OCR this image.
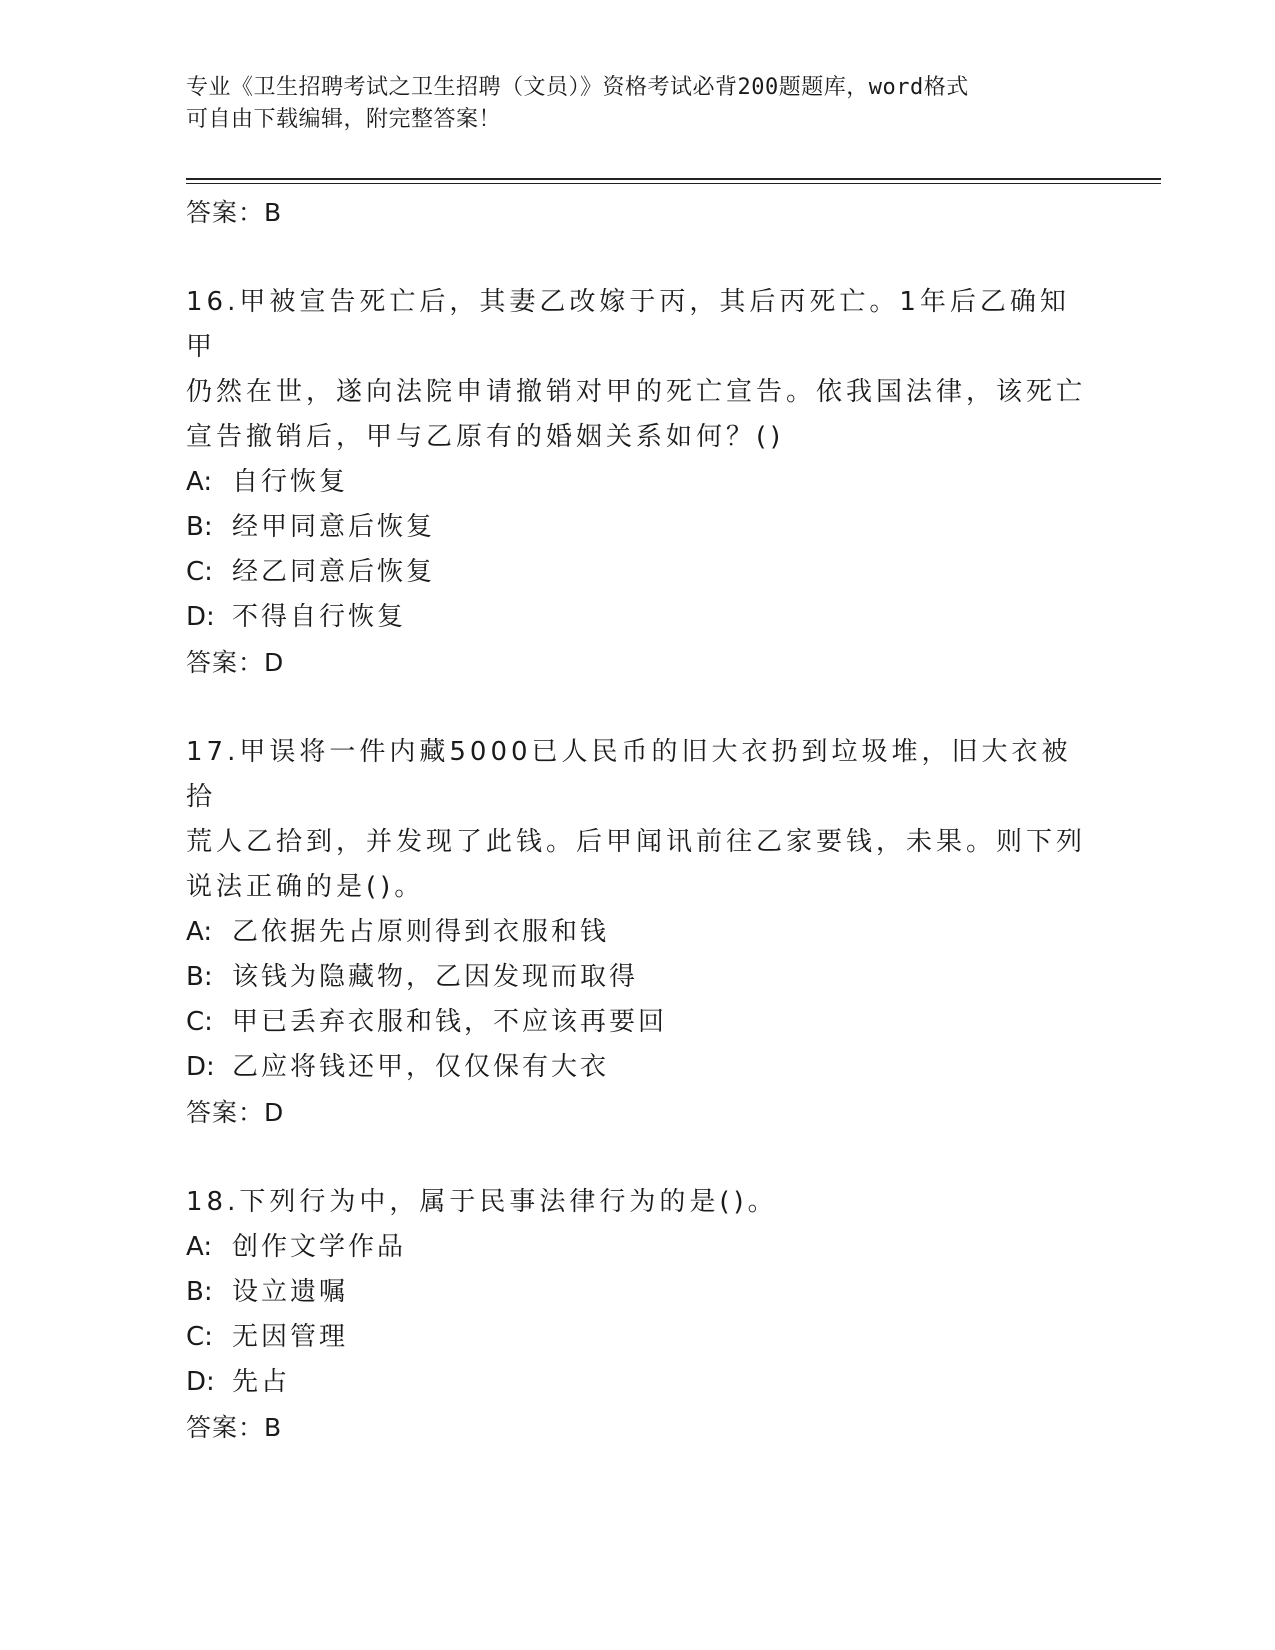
专业《卫生招聘考试之卫生招聘（文员）》资格考试必背200题题库，word格式
可自由下载编辑，附完整答案！

答案：B

16.甲被宣告死亡后，其妻乙改嫁于丙，其后丙死亡。1年后乙确知甲
仍然在世，遂向法院申请撤销对甲的死亡宣告。依我国法律，该死亡
宣告撤销后，甲与乙原有的婚姻关系如何？()

A: 自行恢复

B: 经甲同意后恢复

C: 经乙同意后恢复

D: 不得自行恢复

答案：D

17.甲误将一件内藏5000已人民币的旧大衣扔到垃圾堆，旧大衣被拾
荒人乙拾到，并发现了此钱。后甲闻讯前往乙家要钱，未果。则下列
说法正确的是()。

A: 乙依据先占原则得到衣服和钱

B: 该钱为隐藏物，乙因发现而取得

C: 甲已丢弃衣服和钱，不应该再要回

D: 乙应将钱还甲，仅仅保有大衣

答案：D

18.下列行为中，属于民事法律行为的是()。

A: 创作文学作品

B: 设立遗嘱

C: 无因管理

D: 先占

答案：B
